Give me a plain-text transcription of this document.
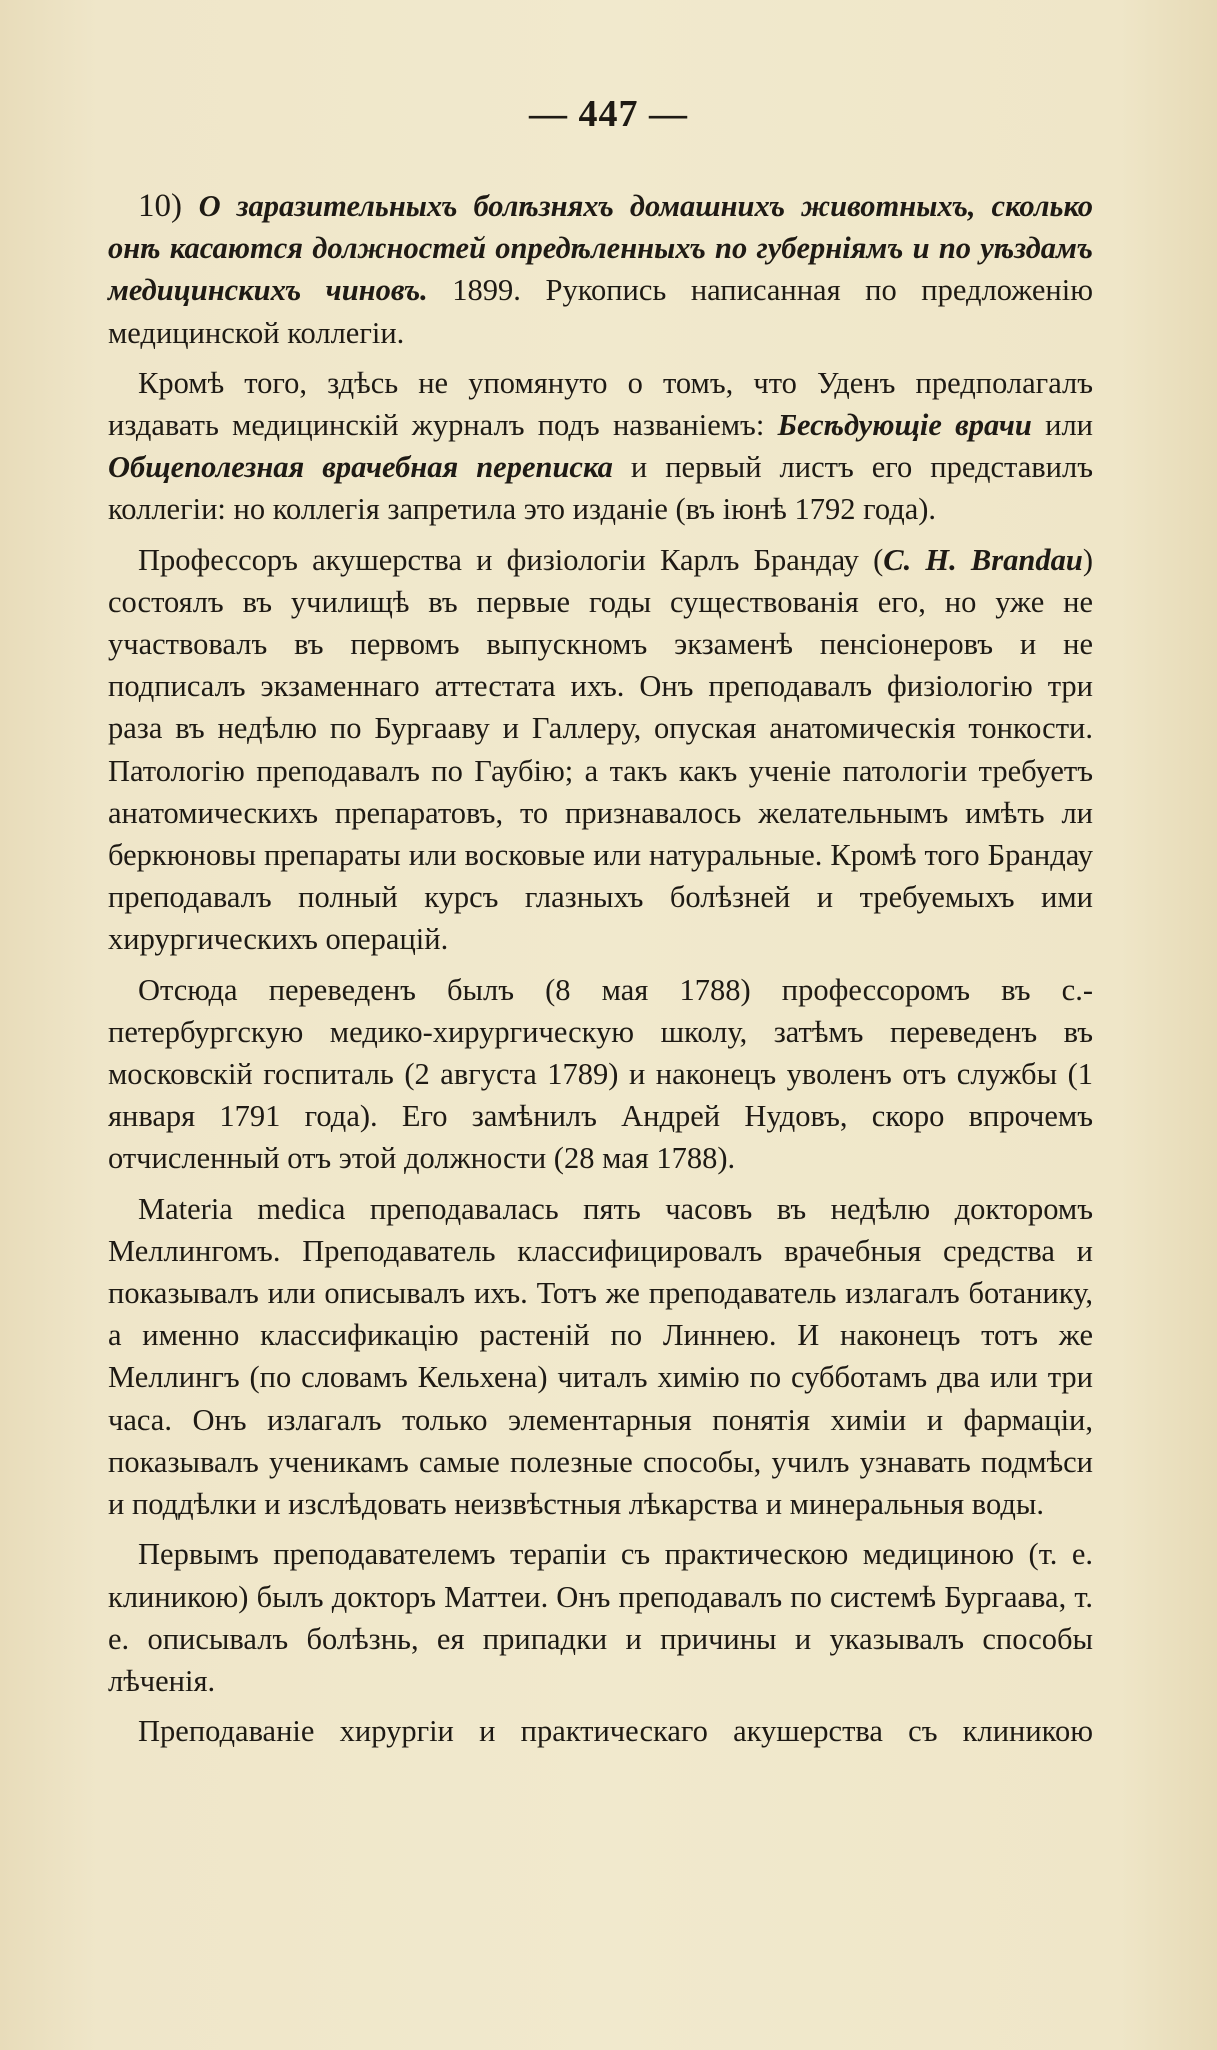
— 447 —

10) О заразительныхъ болѣзняхъ домашнихъ животныхъ, сколько онѣ касаются должностей опредѣленныхъ по губерніямъ и по уѣздамъ медицинскихъ чиновъ. 1899. Рукопись написанная по предложенію медицинской коллегіи.

Кромѣ того, здѣсь не упомянуто о томъ, что Уденъ предполагалъ издавать медицинскій журналъ подъ названіемъ: Бесѣдующіе врачи или Общеполезная врачебная переписка и первый листъ его представилъ коллегіи: но коллегія запретила это изданіе (въ іюнѣ 1792 года).

Профессоръ акушерства и физіологіи Карлъ Брандау (C. H. Brandau) состоялъ въ училищѣ въ первые годы существованія его, но уже не участвовалъ въ первомъ выпускномъ экзаменѣ пенсіонеровъ и не подписалъ экзаменнаго аттестата ихъ. Онъ преподавалъ физіологію три раза въ недѣлю по Бургааву и Галлеру, опуская анатомическія тонкости. Патологію преподавалъ по Гаубію; а такъ какъ ученіе патологіи требуетъ анатомическихъ препаратовъ, то признавалось желательнымъ имѣть ли беркюновы препараты или восковые или натуральные. Кромѣ того Брандау преподавалъ полный курсъ глазныхъ болѣзней и требуемыхъ ими хирургическихъ операцій.

Отсюда переведенъ былъ (8 мая 1788) профессоромъ въ с.-петербургскую медико-хирургическую школу, затѣмъ переведенъ въ московскій госпиталь (2 августа 1789) и наконецъ уволенъ отъ службы (1 января 1791 года). Его замѣнилъ Андрей Нудовъ, скоро впрочемъ отчисленный отъ этой должности (28 мая 1788).

Materia medica преподавалась пять часовъ въ недѣлю докторомъ Меллингомъ. Преподаватель классифицировалъ врачебныя средства и показывалъ или описывалъ ихъ. Тотъ же преподаватель излагалъ ботанику, а именно классификацію растеній по Линнею. И наконецъ тотъ же Меллингъ (по словамъ Кельхена) читалъ химію по субботамъ два или три часа. Онъ излагалъ только элементарныя понятія химіи и фармаціи, показывалъ ученикамъ самые полезные способы, училъ узнавать подмѣси и поддѣлки и изслѣдовать неизвѣстныя лѣкарства и минеральныя воды.

Первымъ преподавателемъ терапіи съ практическою медициною (т. е. клиникою) былъ докторъ Маттеи. Онъ преподавалъ по системѣ Бургаава, т. е. описывалъ болѣзнь, ея припадки и причины и указывалъ способы лѣченія.

Преподаваніе хирургіи и практическаго акушерства съ клиникою
